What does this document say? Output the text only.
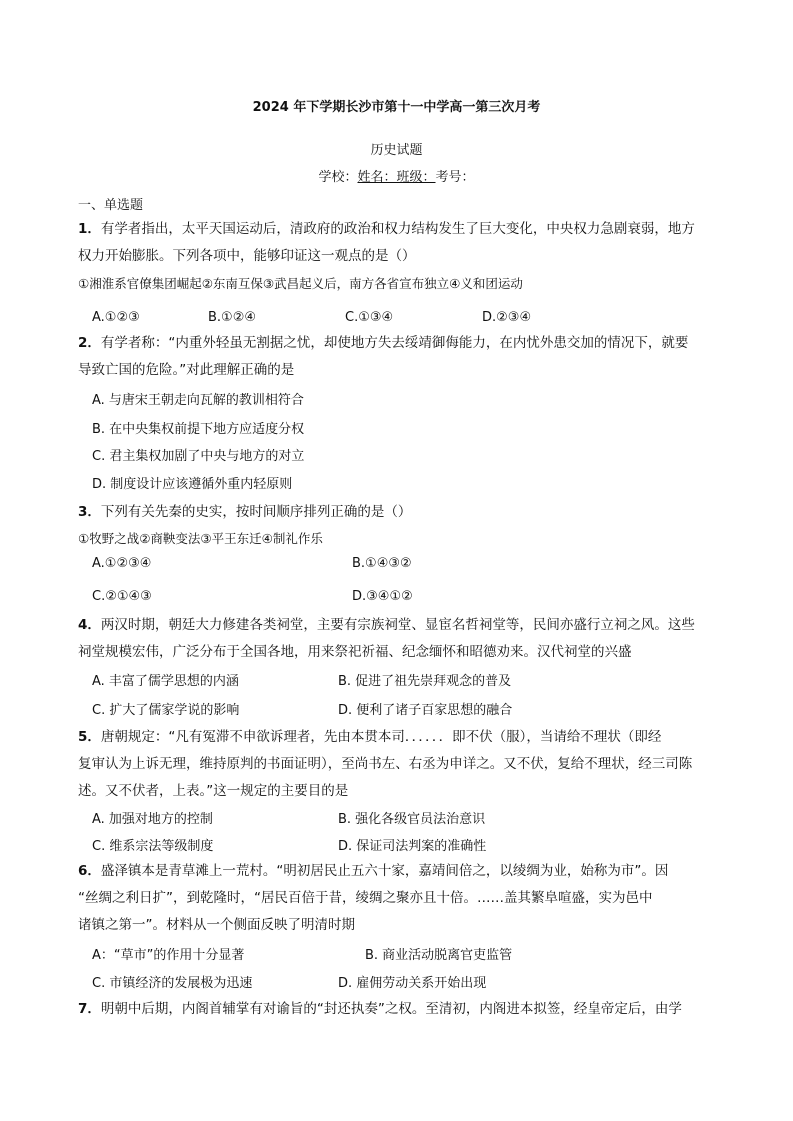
2024 年下学期长沙市第十一中学高一第三次月考
历史试题
学校：姓名：班级：考号：
一、单选题
1．有学者指出，太平天国运动后，清政府的政治和权力结构发生了巨大变化，中央权力急剧衰弱，地方
权力开始膨胀。下列各项中，能够印证这一观点的是（）
①湘淮系官僚集团崛起②东南互保③武昌起义后，南方各省宣布独立④义和团运动
A.①②③	B.①②④	C.①③④	D.②③④
2．有学者称：“内重外轻虽无割据之忧，却使地方失去绥靖御侮能力，在内忧外患交加的情况下，就要
导致亡国的危险。”对此理解正确的是
A. 与唐宋王朝走向瓦解的教训相符合
B. 在中央集权前提下地方应适度分权
C. 君主集权加剧了中央与地方的对立
D. 制度设计应该遵循外重内轻原则
3．下列有关先秦的史实，按时间顺序排列正确的是（）
①牧野之战②商鞅变法③平王东迁④制礼作乐
A.①②③④	B.①④③②
C.②①④③	D.③④①②
4．两汉时期，朝廷大力修建各类祠堂，主要有宗族祠堂、显宦名哲祠堂等，民间亦盛行立祠之风。这些
祠堂规模宏伟，广泛分布于全国各地，用来祭祀祈福、纪念缅怀和昭德劝来。汉代祠堂的兴盛
A. 丰富了儒学思想的内涵	B. 促进了祖先崇拜观念的普及
C. 扩大了儒家学说的影响	D. 便利了诸子百家思想的融合
5．唐朝规定：“凡有冤滞不申欲诉理者，先由本贯本司．．．．．．即不伏（服），当请给不理状（即经
复审认为上诉无理，维持原判的书面证明），至尚书左、右丞为申详之。又不伏，复给不理状，经三司陈
述。又不伏者，上表。”这一规定的主要目的是
A. 加强对地方的控制	B. 强化各级官员法治意识
C. 维系宗法等级制度	D. 保证司法判案的准确性
6．盛泽镇本是青草滩上一荒村。“明初居民止五六十家，嘉靖间倍之，以绫绸为业，始称为市”。因
“丝绸之利日扩”，到乾隆时，“居民百倍于昔，绫绸之聚亦且十倍。……盖其繁阜喧盛，实为邑中
诸镇之第一”。材料从一个侧面反映了明清时期
A：“草市”的作用十分显著	B. 商业活动脱离官吏监管
C. 市镇经济的发展极为迅速	D. 雇佣劳动关系开始出现
7．明朝中后期，内阁首辅掌有对谕旨的“封还执奏”之权。至清初，内阁进本拟签，经皇帝定后，由学
